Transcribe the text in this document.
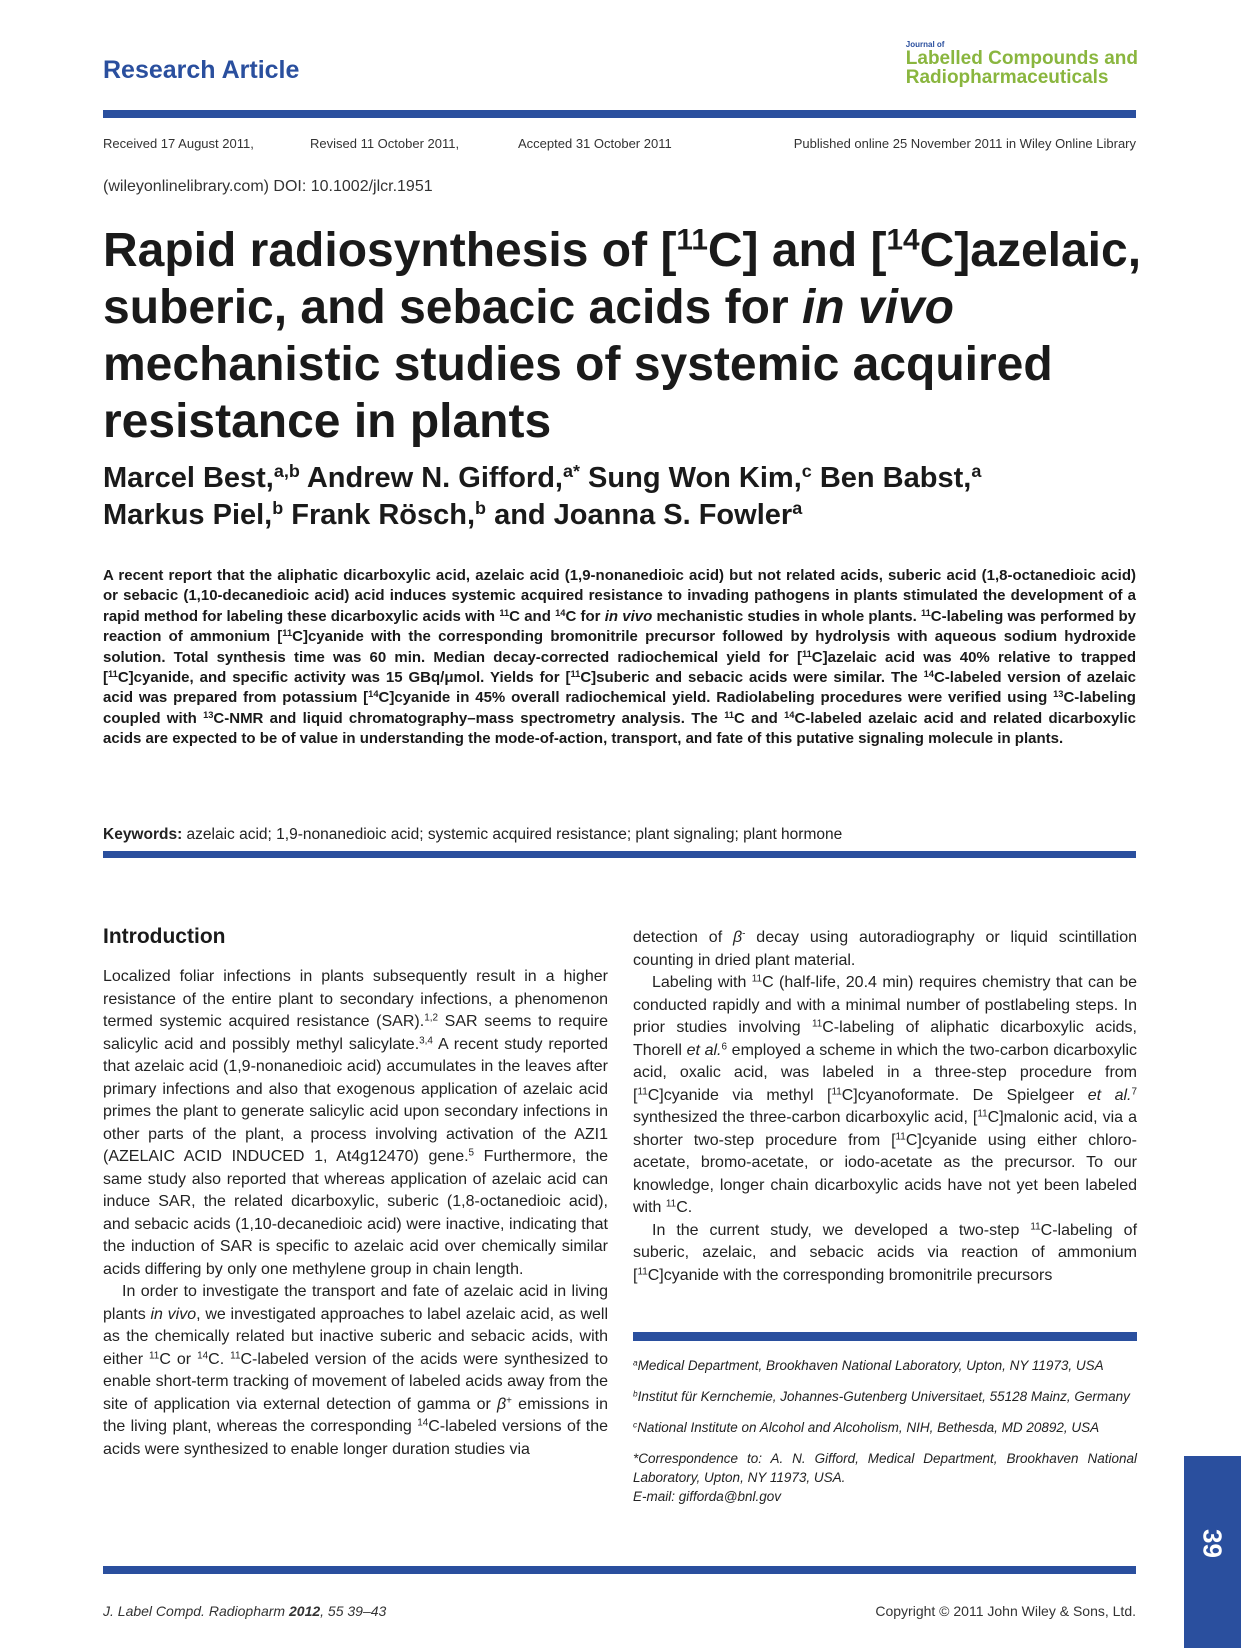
Research Article
Journal of
Labelled Compounds and
Radiopharmaceuticals
Received 17 August 2011,	Revised 11 October 2011,	Accepted 31 October 2011	Published online 25 November 2011 in Wiley Online Library
(wileyonlinelibrary.com) DOI: 10.1002/jlcr.1951
Rapid radiosynthesis of [$^{11}$C] and [$^{14}$C]azelaic, suberic, and sebacic acids for in vivo mechanistic studies of systemic acquired resistance in plants
Marcel Best,$^{a,b}$ Andrew N. Gifford,$^{a*}$ Sung Won Kim,$^c$ Ben Babst,$^a$
Markus Piel,$^b$ Frank Rösch,$^b$ and Joanna S. Fowler$^a$
A recent report that the aliphatic dicarboxylic acid, azelaic acid (1,9-nonanedioic acid) but not related acids, suberic acid (1,8-octanedioic acid) or sebacic (1,10-decanedioic acid) acid induces systemic acquired resistance to invading pathogens in plants stimulated the development of a rapid method for labeling these dicarboxylic acids with $^{11}$C and $^{14}$C for in vivo mechanistic studies in whole plants. $^{11}$C-labeling was performed by reaction of ammonium [$^{11}$C]cyanide with the corresponding bromonitrile precursor followed by hydrolysis with aqueous sodium hydroxide solution. Total synthesis time was 60 min. Median decay-corrected radiochemical yield for [$^{11}$C]azelaic acid was 40% relative to trapped [$^{11}$C]cyanide, and specific activity was 15 GBq/μmol. Yields for [$^{11}$C]suberic and sebacic acids were similar. The $^{14}$C-labeled version of azelaic acid was prepared from potassium [$^{14}$C]cyanide in 45% overall radiochemical yield. Radiolabeling procedures were verified using $^{13}$C-labeling coupled with $^{13}$C-NMR and liquid chromatography–mass spectrometry analysis. The $^{11}$C and $^{14}$C-labeled azelaic acid and related dicarboxylic acids are expected to be of value in understanding the mode-of-action, transport, and fate of this putative signaling molecule in plants.
Keywords: azelaic acid; 1,9-nonanedioic acid; systemic acquired resistance; plant signaling; plant hormone
Introduction

Localized foliar infections in plants subsequently result in a higher resistance of the entire plant to secondary infections, a phenomenon termed systemic acquired resistance (SAR).$^{1,2}$ SAR seems to require salicylic acid and possibly methyl salicylate.$^{3,4}$ A recent study reported that azelaic acid (1,9-nonanedioic acid) accumulates in the leaves after primary infections and also that exogenous application of azelaic acid primes the plant to generate salicylic acid upon secondary infections in other parts of the plant, a process involving activation of the AZI1 (AZELAIC ACID INDUCED 1, At4g12470) gene.$^5$ Furthermore, the same study also reported that whereas application of azelaic acid can induce SAR, the related dicarboxylic, suberic (1,8-octanedioic acid), and sebacic acids (1,10-decanedioic acid) were inactive, indicating that the induction of SAR is specific to azelaic acid over chemically similar acids differing by only one methylene group in chain length.

In order to investigate the transport and fate of azelaic acid in living plants in vivo, we investigated approaches to label azelaic acid, as well as the chemically related but inactive suberic and sebacic acids, with either $^{11}$C or $^{14}$C. $^{11}$C-labeled version of the acids were synthesized to enable short-term tracking of movement of labeled acids away from the site of application via external detection of gamma or β+ emissions in the living plant, whereas the corresponding $^{14}$C-labeled versions of the acids were synthesized to enable longer duration studies via

detection of β- decay using autoradiography or liquid scintillation counting in dried plant material.

Labeling with $^{11}$C (half-life, 20.4 min) requires chemistry that can be conducted rapidly and with a minimal number of postlabeling steps. In prior studies involving $^{11}$C-labeling of aliphatic dicarboxylic acids, Thorell et al.$^6$ employed a scheme in which the two-carbon dicarboxylic acid, oxalic acid, was labeled in a three-step procedure from [$^{11}$C]cyanide via methyl [$^{11}$C]cyanoformate. De Spielgeer et al.$^7$ synthesized the three-carbon dicarboxylic acid, [$^{11}$C]malonic acid, via a shorter two-step procedure from [$^{11}$C]cyanide using either chloro-acetate, bromo-acetate, or iodo-acetate as the precursor. To our knowledge, longer chain dicarboxylic acids have not yet been labeled with $^{11}$C.

In the current study, we developed a two-step $^{11}$C-labeling of suberic, azelaic, and sebacic acids via reaction of ammonium [$^{11}$C]cyanide with the corresponding bromonitrile precursors

$^a$Medical Department, Brookhaven National Laboratory, Upton, NY 11973, USA
$^b$Institut für Kernchemie, Johannes-Gutenberg Universitaet, 55128 Mainz, Germany
$^c$National Institute on Alcohol and Alcoholism, NIH, Bethesda, MD 20892, USA
*Correspondence to: A. N. Gifford, Medical Department, Brookhaven National Laboratory, Upton, NY 11973, USA.
E-mail: gifforda@bnl.gov
39
J. Label Compd. Radiopharm 2012, 55 39–43	Copyright © 2011 John Wiley & Sons, Ltd.
